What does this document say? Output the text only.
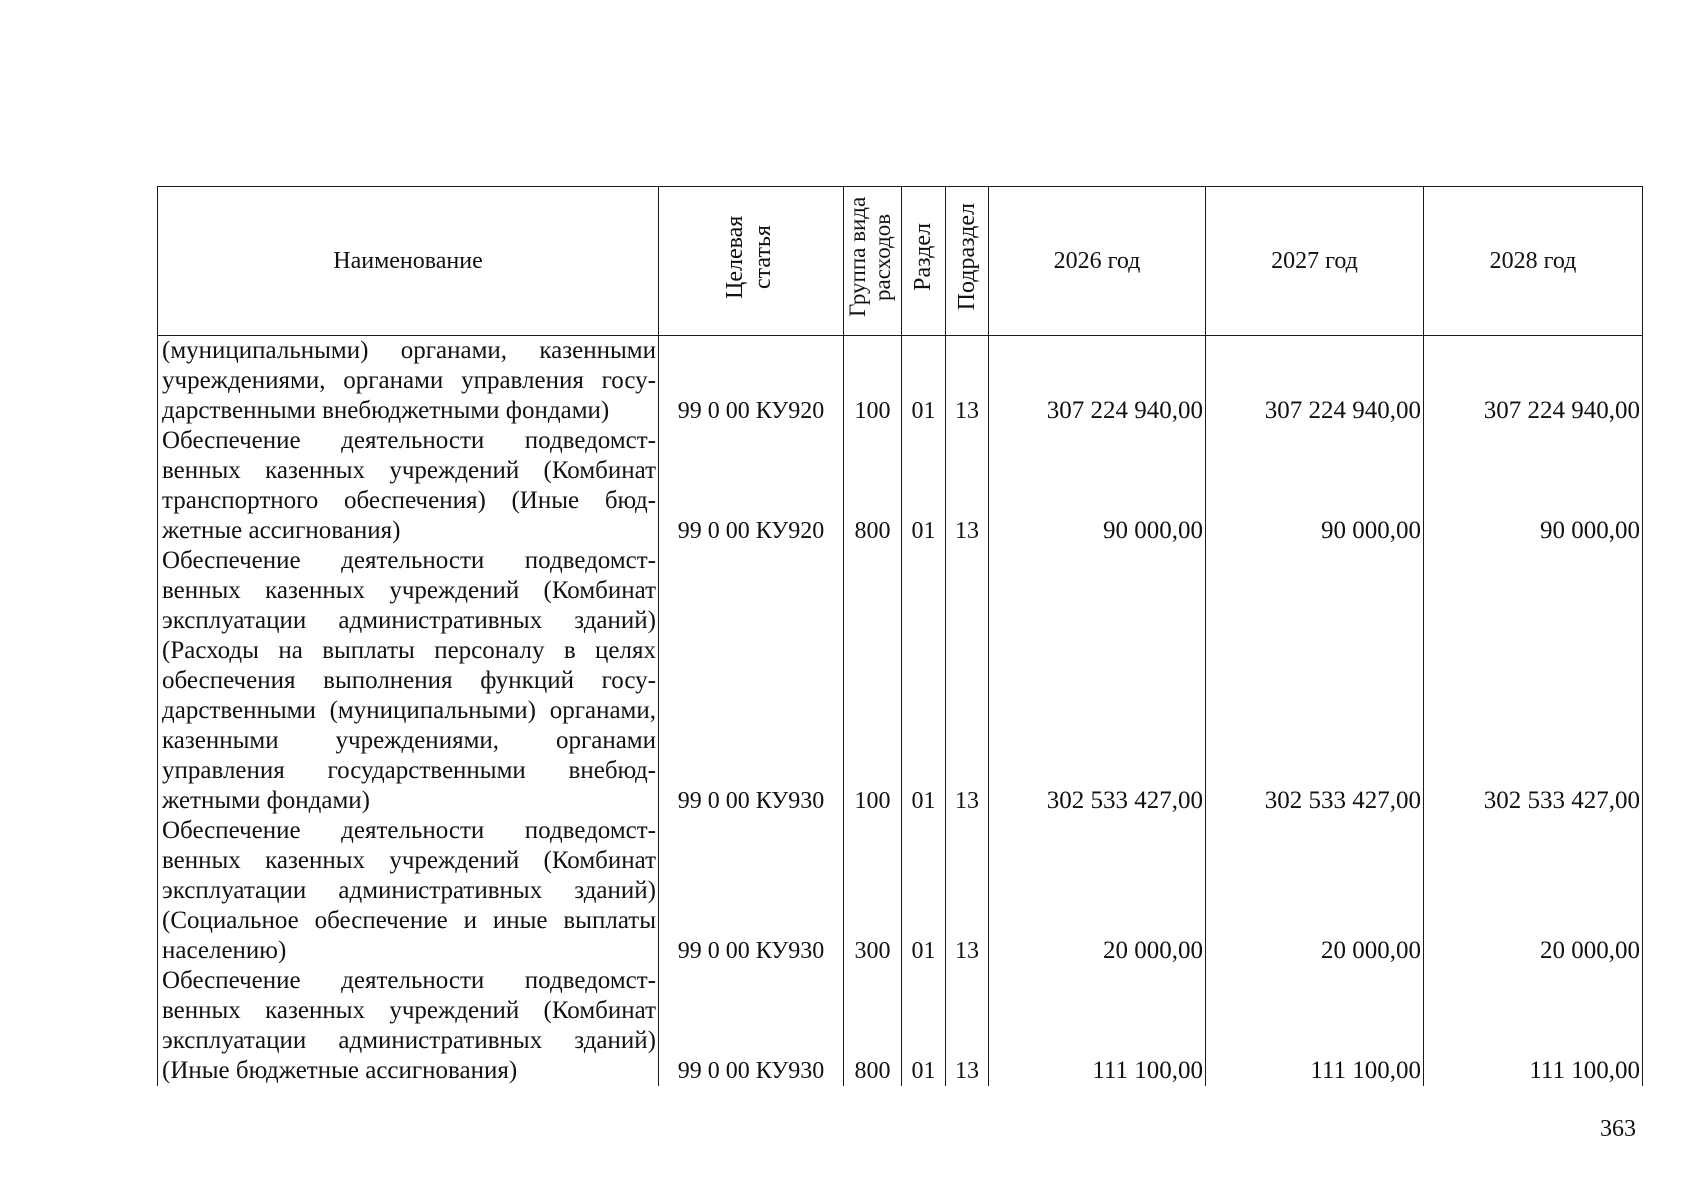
Наименование	Целевая статья	Группа вида расходов	Раздел	Подраздел	2026 год	2027 год	2028 год
(муниципальными) органами, казенными учреждениями, органами управления государственными внебюджетными фондами)	99 0 00 КУ920	100	01	13	307 224 940,00	307 224 940,00	307 224 940,00
Обеспечение деятельности подведомственных казенных учреждений (Комбинат транспортного обеспечения) (Иные бюджетные ассигнования)	99 0 00 КУ920	800	01	13	90 000,00	90 000,00	90 000,00
Обеспечение деятельности подведомственных казенных учреждений (Комбинат эксплуатации административных зданий) (Расходы на выплаты персоналу в целях обеспечения выполнения функций государственными (муниципальными) органами, казенными учреждениями, органами управления государственными внебюджетными фондами)	99 0 00 КУ930	100	01	13	302 533 427,00	302 533 427,00	302 533 427,00
Обеспечение деятельности подведомственных казенных учреждений (Комбинат эксплуатации административных зданий) (Социальное обеспечение и иные выплаты населению)	99 0 00 КУ930	300	01	13	20 000,00	20 000,00	20 000,00
Обеспечение деятельности подведомственных казенных учреждений (Комбинат эксплуатации административных зданий) (Иные бюджетные ассигнования)	99 0 00 КУ930	800	01	13	111 100,00	111 100,00	111 100,00
363
